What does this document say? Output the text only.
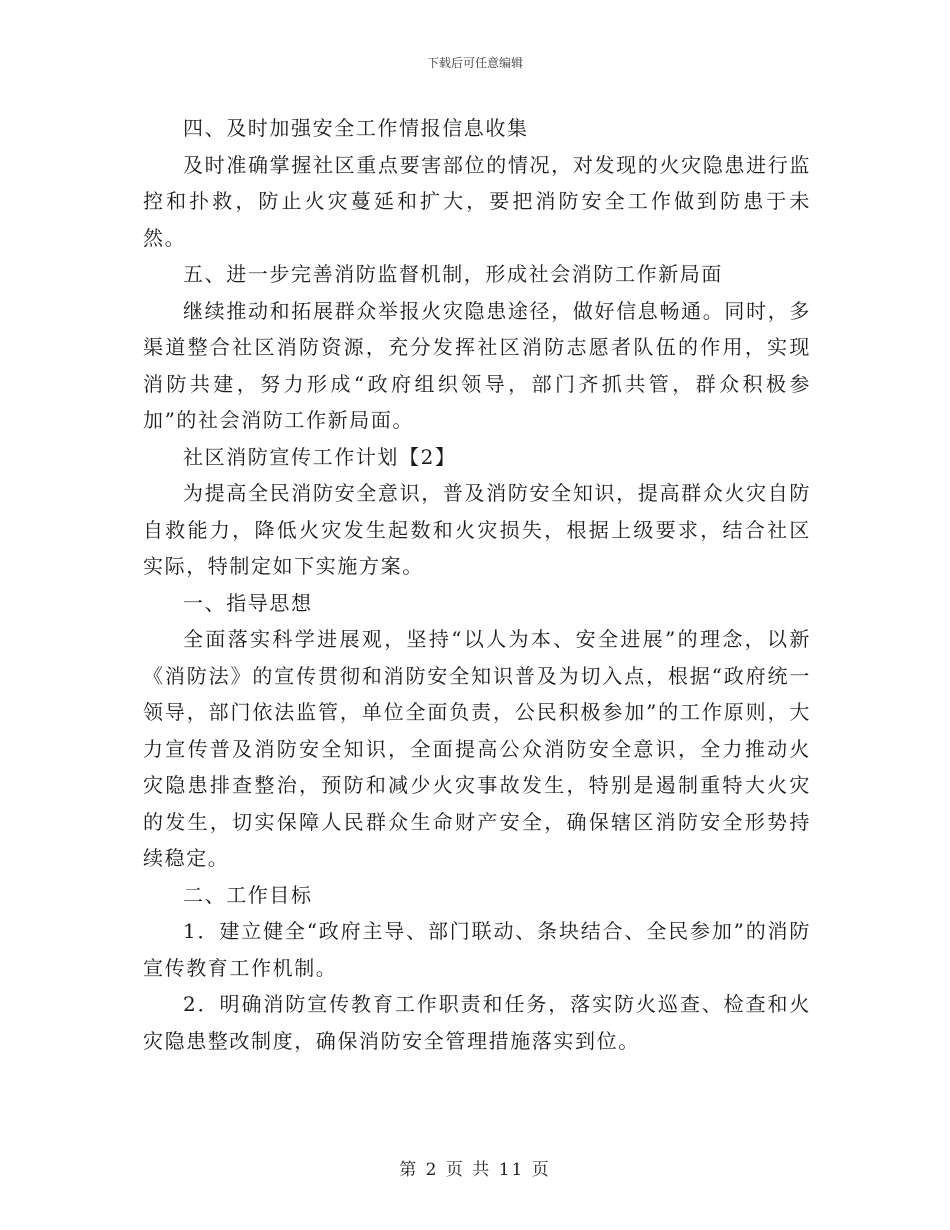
下载后可任意编辑

四、及时加强安全工作情报信息收集

及时准确掌握社区重点要害部位的情况，对发现的火灾隐患进行监控和扑救，防止火灾蔓延和扩大，要把消防安全工作做到防患于未然。

五、进一步完善消防监督机制，形成社会消防工作新局面

继续推动和拓展群众举报火灾隐患途径，做好信息畅通。同时，多渠道整合社区消防资源，充分发挥社区消防志愿者队伍的作用，实现消防共建，努力形成“政府组织领导，部门齐抓共管，群众积极参加”的社会消防工作新局面。

社区消防宣传工作计划【2】

为提高全民消防安全意识，普及消防安全知识，提高群众火灾自防自救能力，降低火灾发生起数和火灾损失，根据上级要求，结合社区实际，特制定如下实施方案。

一、指导思想

全面落实科学进展观，坚持“以人为本、安全进展”的理念，以新《消防法》的宣传贯彻和消防安全知识普及为切入点，根据“政府统一领导，部门依法监管，单位全面负责，公民积极参加”的工作原则，大力宣传普及消防安全知识，全面提高公众消防安全意识，全力推动火灾隐患排查整治，预防和减少火灾事故发生，特别是遏制重特大火灾的发生，切实保障人民群众生命财产安全，确保辖区消防安全形势持续稳定。

二、工作目标

1．建立健全“政府主导、部门联动、条块结合、全民参加”的消防宣传教育工作机制。

2．明确消防宣传教育工作职责和任务，落实防火巡查、检查和火灾隐患整改制度，确保消防安全管理措施落实到位。

第 2 页 共 11 页
